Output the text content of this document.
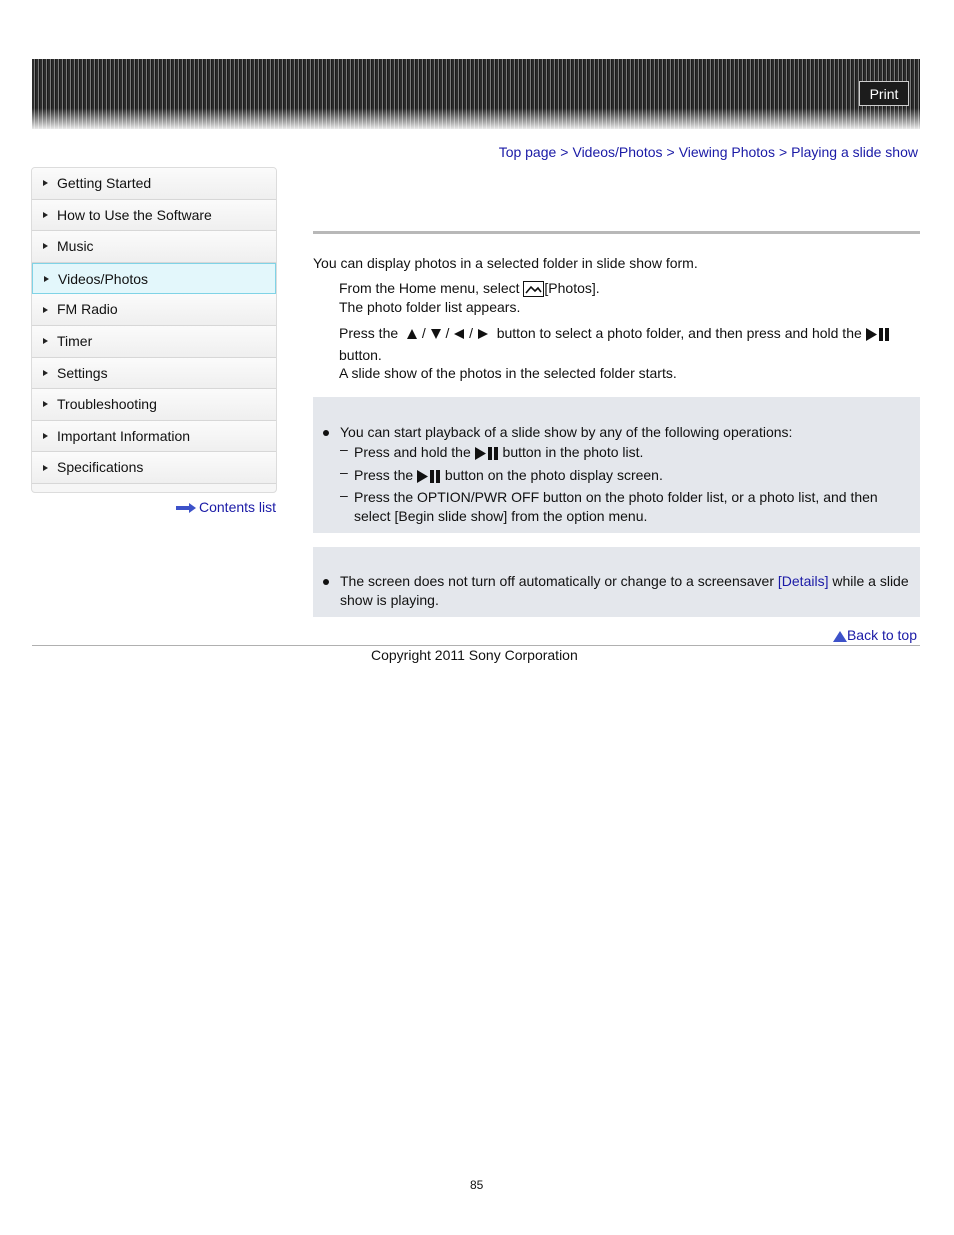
Print
Top page > Videos/Photos > Viewing Photos > Playing a slide show
Getting Started
How to Use the Software
Music
Videos/Photos
FM Radio
Timer
Settings
Troubleshooting
Important Information
Specifications
Contents list
You can display photos in a selected folder in slide show form.
From the Home menu, select [Photos].
The photo folder list appears.
Press the / / / button to select a photo folder, and then press and hold the
button.
A slide show of the photos in the selected folder starts.
You can start playback of a slide show by any of the following operations:
– Press and hold the button in the photo list.
– Press the button on the photo display screen.
– Press the OPTION/PWR OFF button on the photo folder list, or a photo list, and then
select [Begin slide show] from the option menu.
The screen does not turn off automatically or change to a screensaver [Details] while a slide
show is playing.
Back to top
Copyright 2011 Sony Corporation
85
